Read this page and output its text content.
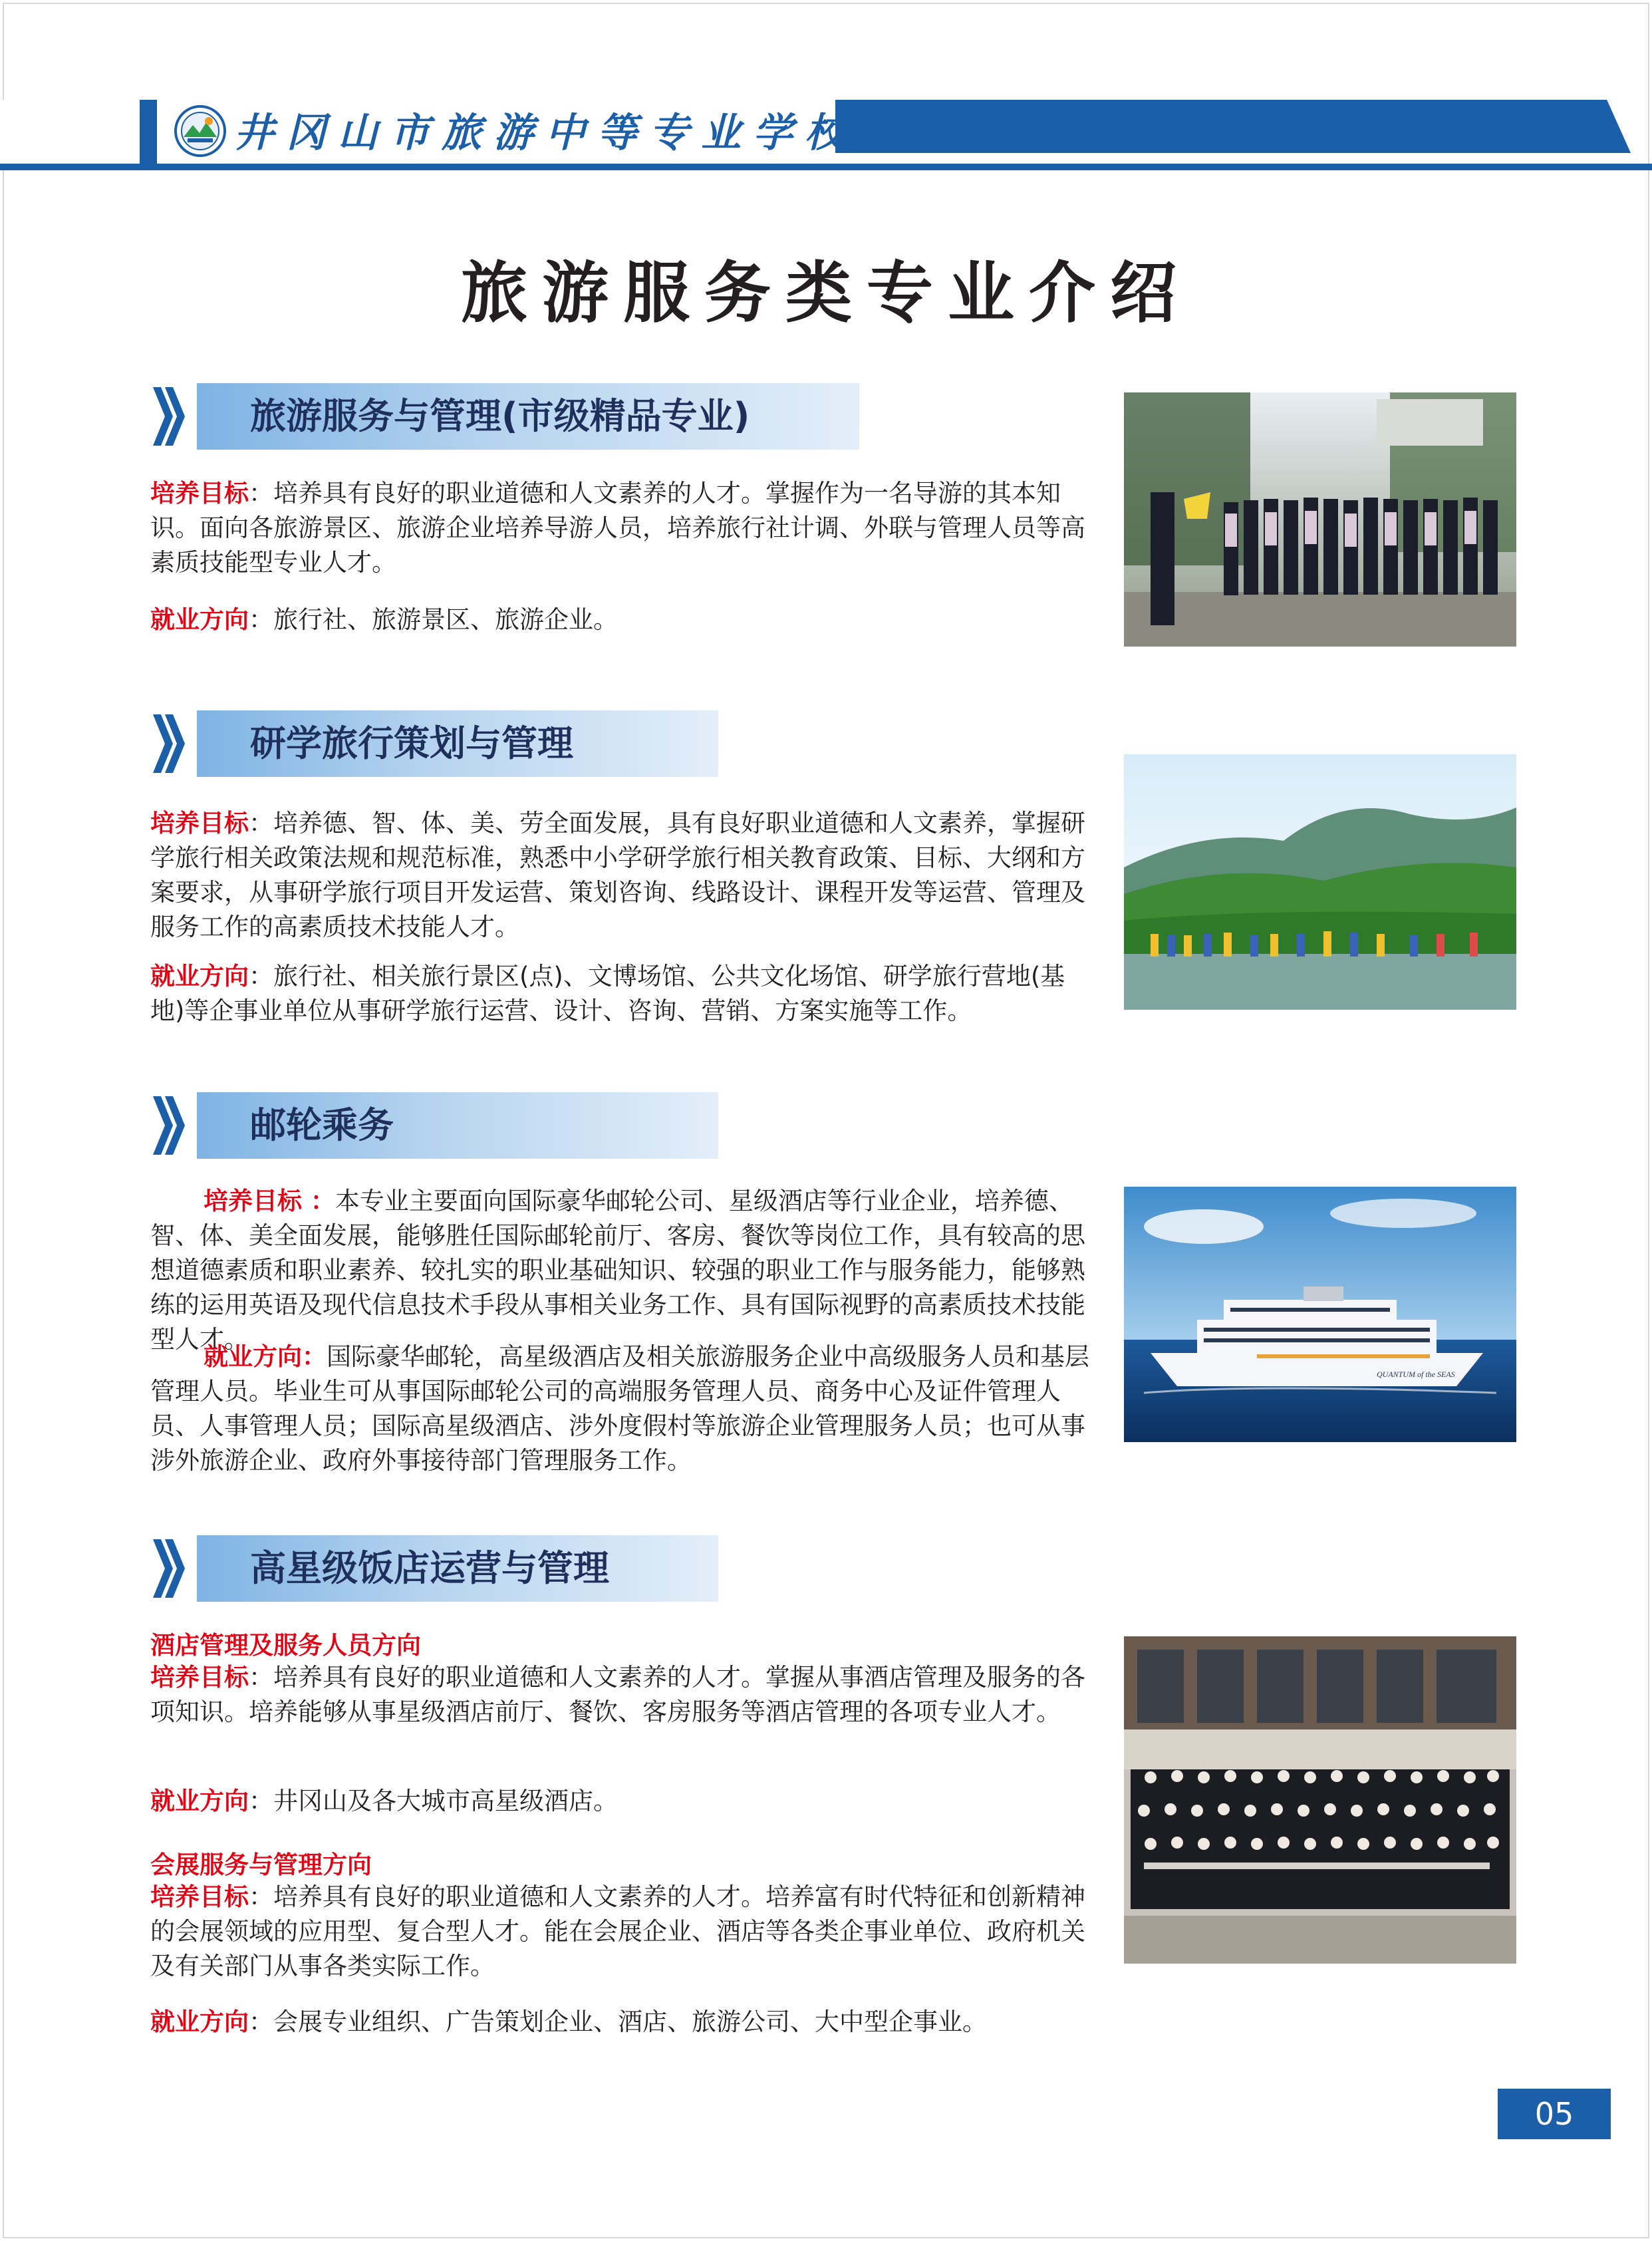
井冈山市旅游中等专业学校
旅游服务类专业介绍
旅游服务与管理(市级精品专业)
培养目标：培养具有良好的职业道德和人文素养的人才。掌握作为一名导游的其本知识。面向各旅游景区、旅游企业培养导游人员，培养旅行社计调、外联与管理人员等高素质技能型专业人才。
就业方向：旅行社、旅游景区、旅游企业。
研学旅行策划与管理
培养目标：培养德、智、体、美、劳全面发展，具有良好职业道德和人文素养，掌握研学旅行相关政策法规和规范标准，熟悉中小学研学旅行相关教育政策、目标、大纲和方案要求，从事研学旅行项目开发运营、策划咨询、线路设计、课程开发等运营、管理及服务工作的高素质技术技能人才。
就业方向：旅行社、相关旅行景区(点)、文博场馆、公共文化场馆、研学旅行营地(基地)等企事业单位从事研学旅行运营、设计、咨询、营销、方案实施等工作。
邮轮乘务
培养目标 ：本专业主要面向国际豪华邮轮公司、星级酒店等行业企业，培养德、智、体、美全面发展，能够胜任国际邮轮前厅、客房、餐饮等岗位工作，具有较高的思想道德素质和职业素养、较扎实的职业基础知识、较强的职业工作与服务能力，能够熟练的运用英语及现代信息技术手段从事相关业务工作、具有国际视野的高素质技术技能型人才。
就业方向：国际豪华邮轮，高星级酒店及相关旅游服务企业中高级服务人员和基层管理人员。毕业生可从事国际邮轮公司的高端服务管理人员、商务中心及证件管理人员、人事管理人员；国际高星级酒店、涉外度假村等旅游企业管理服务人员；也可从事涉外旅游企业、政府外事接待部门管理服务工作。
QUANTUM of the SEAS
高星级饭店运营与管理
酒店管理及服务人员方向
培养目标：培养具有良好的职业道德和人文素养的人才。掌握从事酒店管理及服务的各项知识。培养能够从事星级酒店前厅、餐饮、客房服务等酒店管理的各项专业人才。
就业方向：井冈山及各大城市高星级酒店。
会展服务与管理方向
培养目标：培养具有良好的职业道德和人文素养的人才。培养富有时代特征和创新精神的会展领域的应用型、复合型人才。能在会展企业、酒店等各类企事业单位、政府机关及有关部门从事各类实际工作。
就业方向：会展专业组织、广告策划企业、酒店、旅游公司、大中型企事业。
05
